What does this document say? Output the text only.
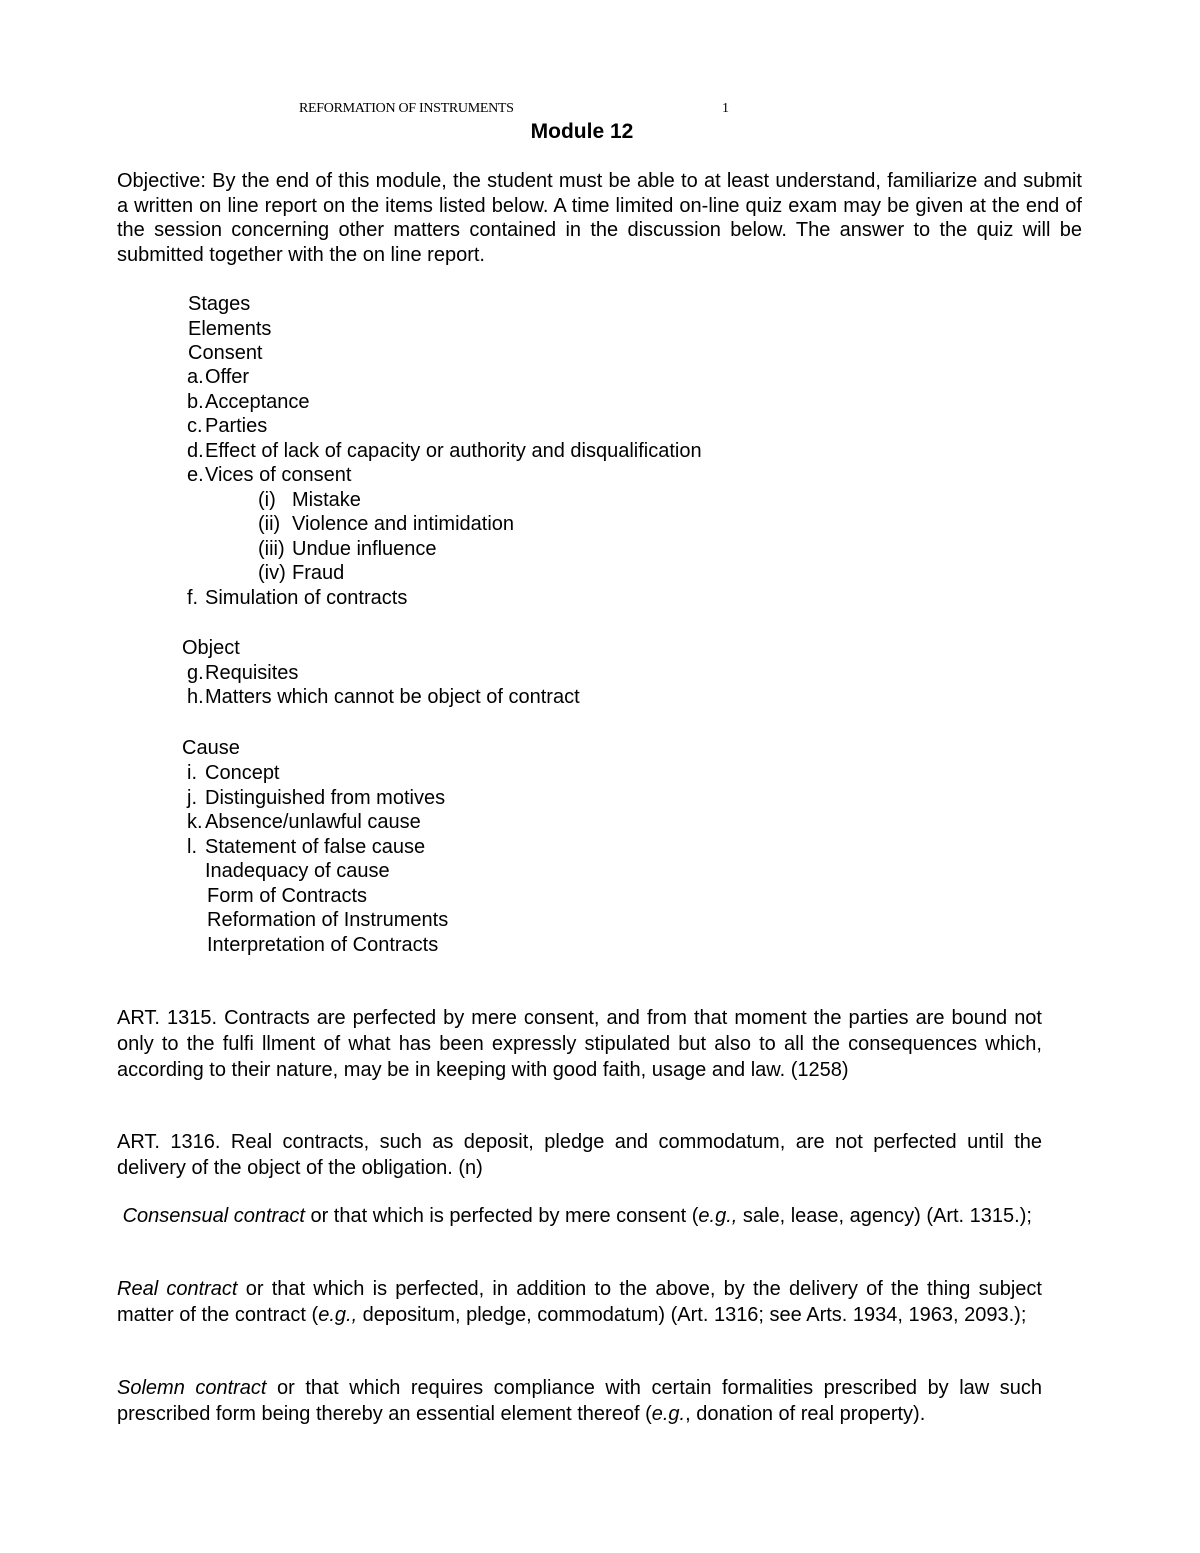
REFORMATION OF INSTRUMENTS	1
Module 12

Objective: By the end of this module, the student must be able to at least understand, familiarize and submit a written on line report on the items listed below. A time limited on-line quiz exam may be given at the end of the session concerning other matters contained in the discussion below. The answer to the quiz will be submitted together with the on line report.

Stages
Elements
Consent
a.Offer
b.Acceptance
c. Parties
d.Effect of lack of capacity or authority and disqualification
e.Vices of consent
(i) Mistake
(ii) Violence and intimidation
(iii) Undue influence
(iv) Fraud
f. Simulation of contracts
Object
g.Requisites
h.Matters which cannot be object of contract
Cause
i. Concept
j. Distinguished from motives
k. Absence/unlawful cause
l. Statement of false cause
Inadequacy of cause
Form of Contracts
Reformation of Instruments
Interpretation of Contracts

ART. 1315. Contracts are perfected by mere consent, and from that moment the parties are bound not only to the fulfi llment of what has been expressly stipulated but also to all the consequences which, according to their nature, may be in keeping with good faith, usage and law. (1258)

ART. 1316. Real contracts, such as deposit, pledge and commodatum, are not perfected until the delivery of the object of the obligation. (n)

Consensual contract or that which is perfected by mere consent (e.g., sale, lease, agency) (Art. 1315.);

Real contract or that which is perfected, in addition to the above, by the delivery of the thing subject matter of the contract (e.g., depositum, pledge, commodatum) (Art. 1316; see Arts. 1934, 1963, 2093.);

Solemn contract or that which requires compliance with certain formalities prescribed by law such prescribed form being thereby an essential element thereof (e.g., donation of real property).
